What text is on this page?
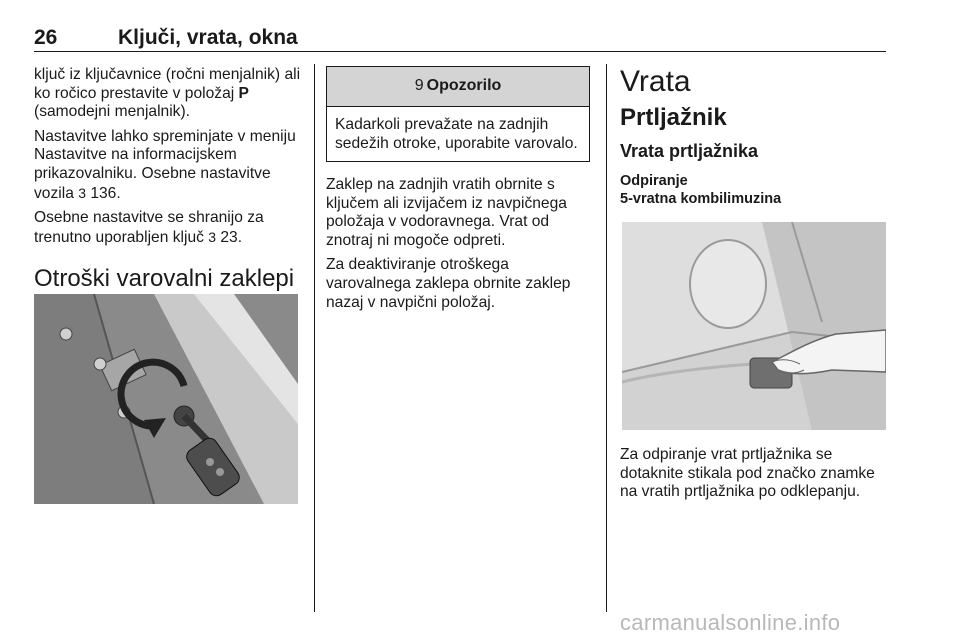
26	Ključi, vrata, okna

ključ iz ključavnice (ročni menjalnik) ali ko ročico prestavite v položaj P (samodejni menjalnik).

Nastavitve lahko spreminjate v meniju Nastavitve na informacijskem prikazovalniku. Osebne nastavitve vozila 3 136.

Osebne nastavitve se shranijo za trenutno uporabljen ključ 3 23.

Otroški varovalni zaklepi
9 Opozorilo
Kadarkoli prevažate na zadnjih sedežih otroke, uporabite varovalo.

Zaklep na zadnjih vratih obrnite s ključem ali izvijačem iz navpičnega položaja v vodoravnega. Vrat od znotraj ni mogoče odpreti.

Za deaktiviranje otroškega varovalnega zaklepa obrnite zaklep nazaj v navpični položaj.

Vrata
Prtljažnik
Vrata prtljažnika
Odpiranje
5-vratna kombilimuzina

Za odpiranje vrat prtljažnika se dotaknite stikala pod značko znamke na vratih prtljažnika po odklepanju.

carmanualsonline.info
